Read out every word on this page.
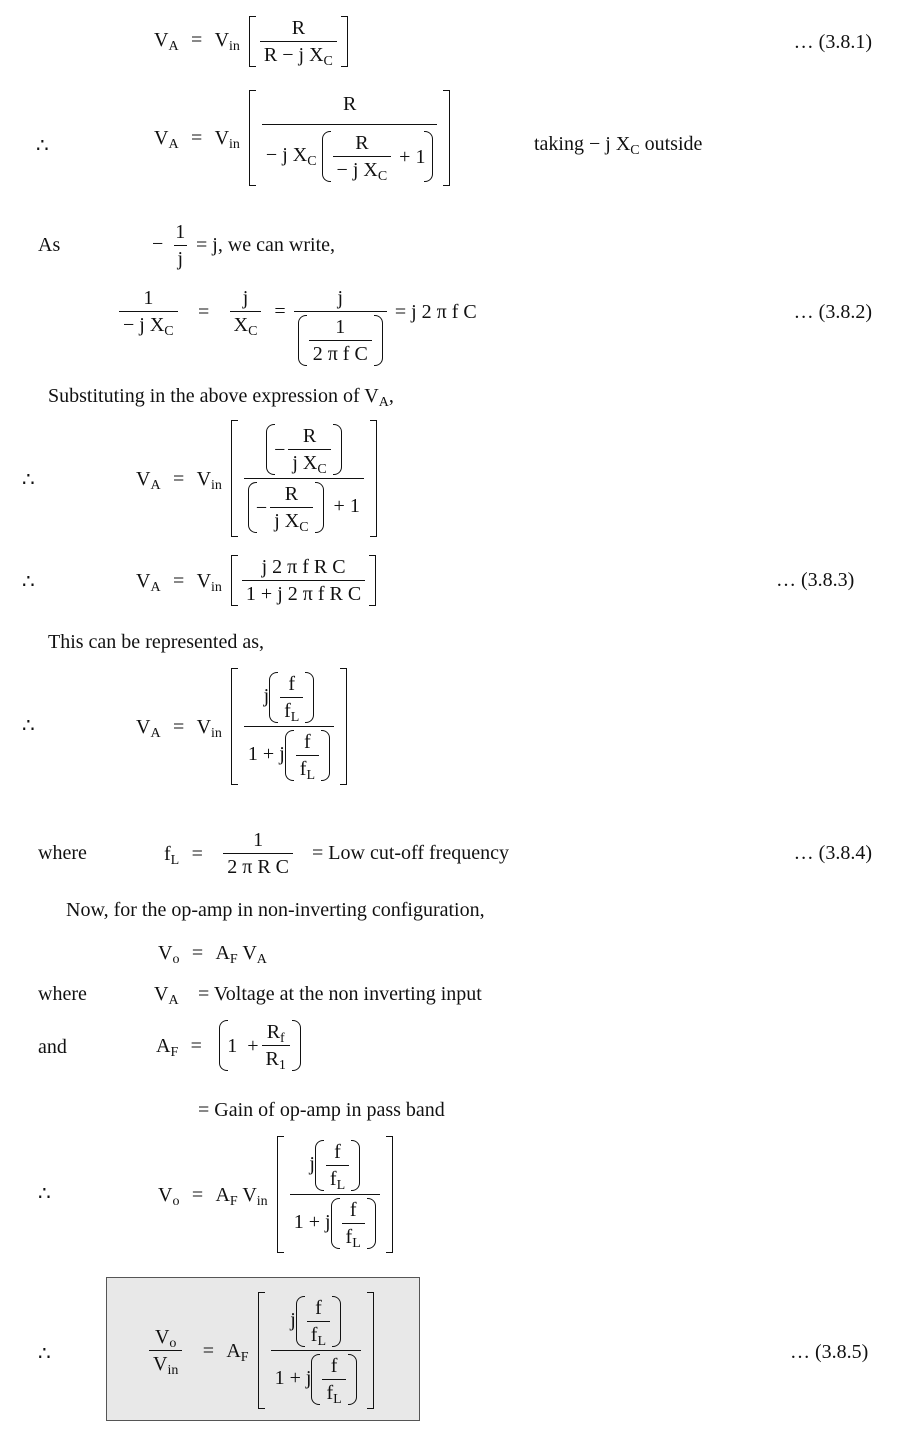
$V_A = V_{in} \frac{R}{R - j X_C}$	… (3.8.1)
∴	$V_A = V_{in} \frac{R}{- j X_C \frac{R}{- j X_C} + 1}$	taking − j $X_C$ outside
As	− $\frac{1}{j} = j$, we can write,
$\frac{1}{- j X_C} = \frac{j}{X_C} = \frac{j}{\frac{1}{\text{2 π f C}}} = j$ 2 π f C	… (3.8.2)
Substituting in the above expression of $V_A$,
∴	$V_A = V_{in} \frac{- \frac{R}{j X_C}}{- \frac{R}{j X_C} + 1}$
∴	$V_A = V_{in} \frac{\text{j 2 π f R C}}{\text{1 + j 2 π f R C}}$	… (3.8.3)
This can be represented as,
∴	$V_A = V_{in} \frac{j \frac{f}{f_L}}{1 + j \frac{f}{f_L}}$
where	$f_L = \frac{1}{\text{2 π R C}}$ = Low cut-off frequency	… (3.8.4)
Now, for the op-amp in non-inverting configuration,
$V_o = A_F$ $V_A$
where	$V_A$ = Voltage at the non inverting input
and	$A_F = 1 + \frac{R_f}{R_1}$
= Gain of op-amp in pass band
∴	$V_o = A_F$ $V_{in} \frac{j \frac{f}{f_L}}{1 + j \frac{f}{f_L}}$
∴	$\frac{V_o}{V_{in}} = A_F \frac{j \frac{f}{f_L}}{1 + j \frac{f}{f_L}}$	… (3.8.5)
